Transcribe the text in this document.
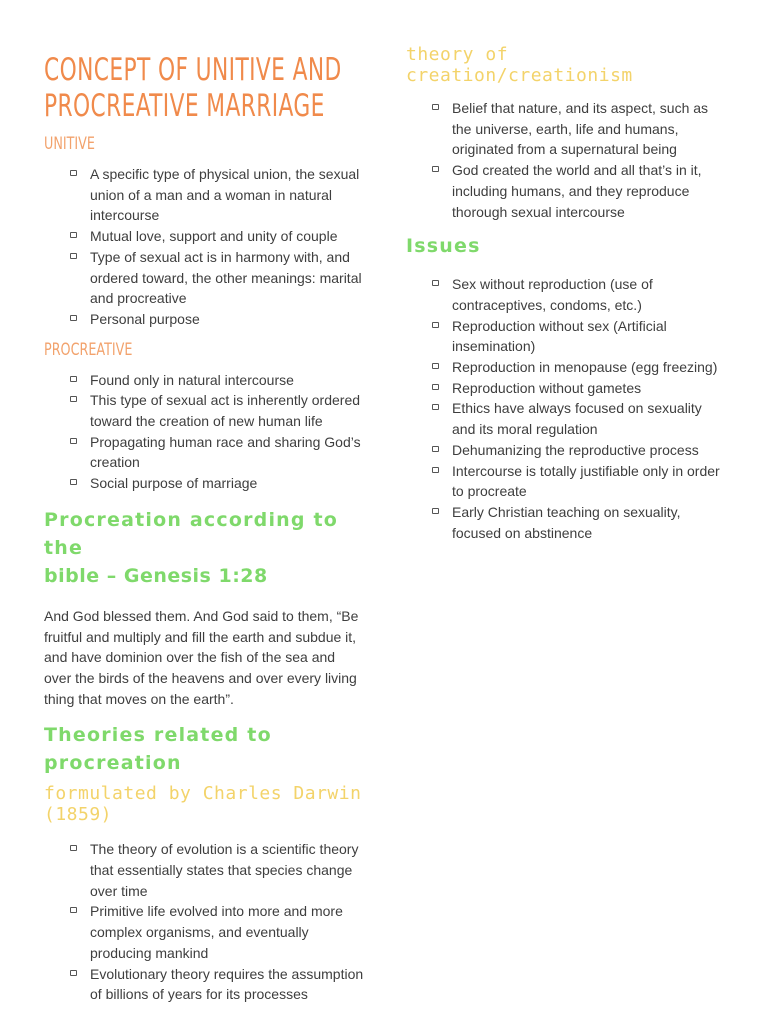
CONCEPT OF UNITIVE AND PROCREATIVE MARRIAGE
UNITIVE
A specific type of physical union, the sexual union of a man and a woman in natural intercourse
Mutual love, support and unity of couple
Type of sexual act is in harmony with, and ordered toward, the other meanings: marital and procreative
Personal purpose
PROCREATIVE
Found only in natural intercourse
This type of sexual act is inherently ordered toward the creation of new human life
Propagating human race and sharing God’s creation
Social purpose of marriage
Procreation according to the
bible – Genesis 1:28

And God blessed them. And God said to them, “Be fruitful and multiply and fill the earth and subdue it, and have dominion over the fish of the sea and over the birds of the heavens and over every living thing that moves on the earth”.

Theories related to
procreation
formulated by Charles Darwin (1859)
The theory of evolution is a scientific theory that essentially states that species change over time
Primitive life evolved into more and more complex organisms, and eventually producing mankind
Evolutionary theory requires the assumption of billions of years for its processes
theory of creation/creationism
Belief that nature, and its aspect, such as the universe, earth, life and humans, originated from a supernatural being
God created the world and all that’s in it, including humans, and they reproduce thorough sexual intercourse
Issues
Sex without reproduction (use of contraceptives, condoms, etc.)
Reproduction without sex (Artificial insemination)
Reproduction in menopause (egg freezing)
Reproduction without gametes
Ethics have always focused on sexuality and its moral regulation
Dehumanizing the reproductive process
Intercourse is totally justifiable only in order to procreate
Early Christian teaching on sexuality, focused on abstinence
